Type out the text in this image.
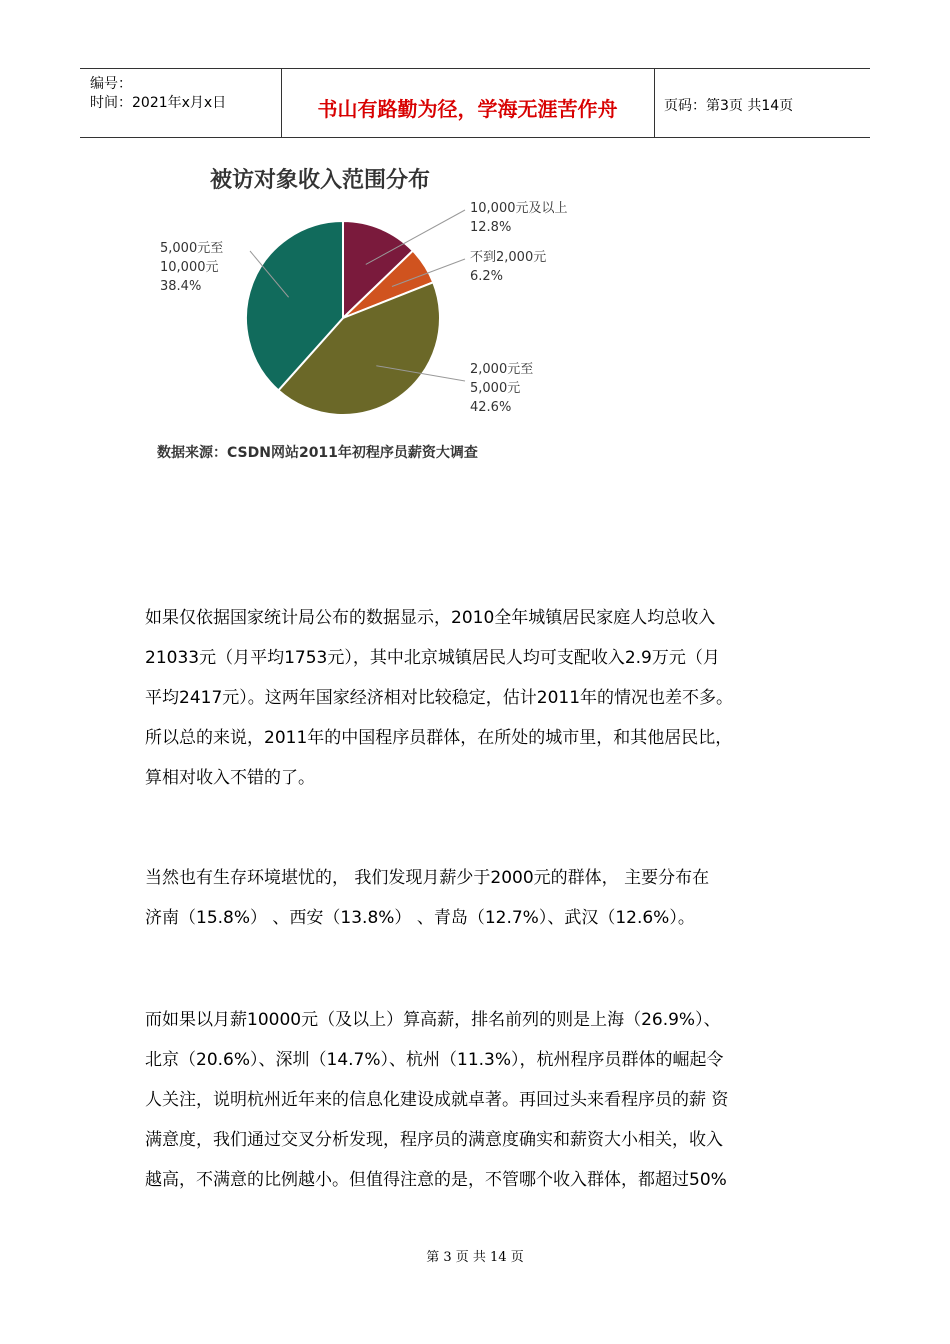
编号：
时间：2021年x月x日	书山有路勤为径，学海无涯苦作舟	页码：第3页 共14页
被访对象收入范围分布
10,000元及以上 12.8%
不到2,000元 6.2%
2,000元至 5,000元 42.6%
5,000元至 10,000元 38.4%
数据来源：CSDN网站2011年初程序员薪资大调查
如果仅依据国家统计局公布的数据显示，2010全年城镇居民家庭人均总收入
21033元（月平均1753元），其中北京城镇居民人均可支配收入2.9万元（月
平均2417元）。这两年国家经济相对比较稳定，估计2011年的情况也差不多。
所以总的来说，2011年的中国程序员群体，在所处的城市里，和其他居民比，
算相对收入不错的了。
当然也有生存环境堪忧的， 我们发现月薪少于2000元的群体， 主要分布在
济南（15.8%） 、西安（13.8%） 、青岛（12.7%）、武汉（12.6%）。
而如果以月薪10000元（及以上）算高薪，排名前列的则是上海（26.9%）、
北京（20.6%）、深圳（14.7%）、杭州（11.3%），杭州程序员群体的崛起令
人关注，说明杭州近年来的信息化建设成就卓著。再回过头来看程序员的薪 资
满意度，我们通过交叉分析发现，程序员的满意度确实和薪资大小相关，收入
越高，不满意的比例越小。但值得注意的是，不管哪个收入群体，都超过50%
第 3 页 共 14 页
